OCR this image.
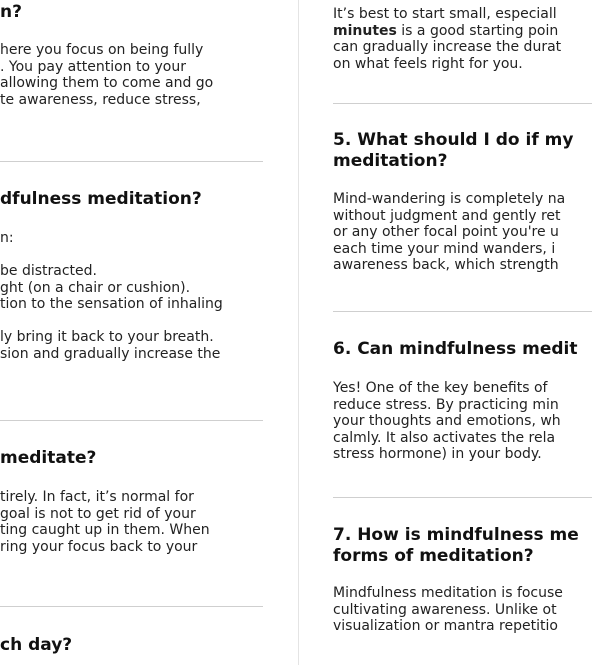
n?
here you focus on being fully
. You pay attention to your
allowing them to come and go
te awareness, reduce stress,
dfulness meditation?
n:
be distracted.
ght (on a chair or cushion).
tion to the sensation of inhaling
ly bring it back to your breath.
sion and gradually increase the
meditate?
tirely. In fact, it’s normal for
goal is not to get rid of your
ting caught up in them. When
ring your focus back to your
ch day?
It’s best to start small, especiall
minutes is a good starting poin
can gradually increase the durat
on what feels right for you.
5. What should I do if my
meditation?
Mind-wandering is completely na
without judgment and gently ret
or any other focal point you're u
each time your mind wanders, i
awareness back, which strength
6. Can mindfulness medit
Yes! One of the key benefits of
reduce stress. By practicing min
your thoughts and emotions, wh
calmly. It also activates the rela
stress hormone) in your body.
7. How is mindfulness me
forms of meditation?
Mindfulness meditation is focuse
cultivating awareness. Unlike ot
visualization or mantra repetitio
